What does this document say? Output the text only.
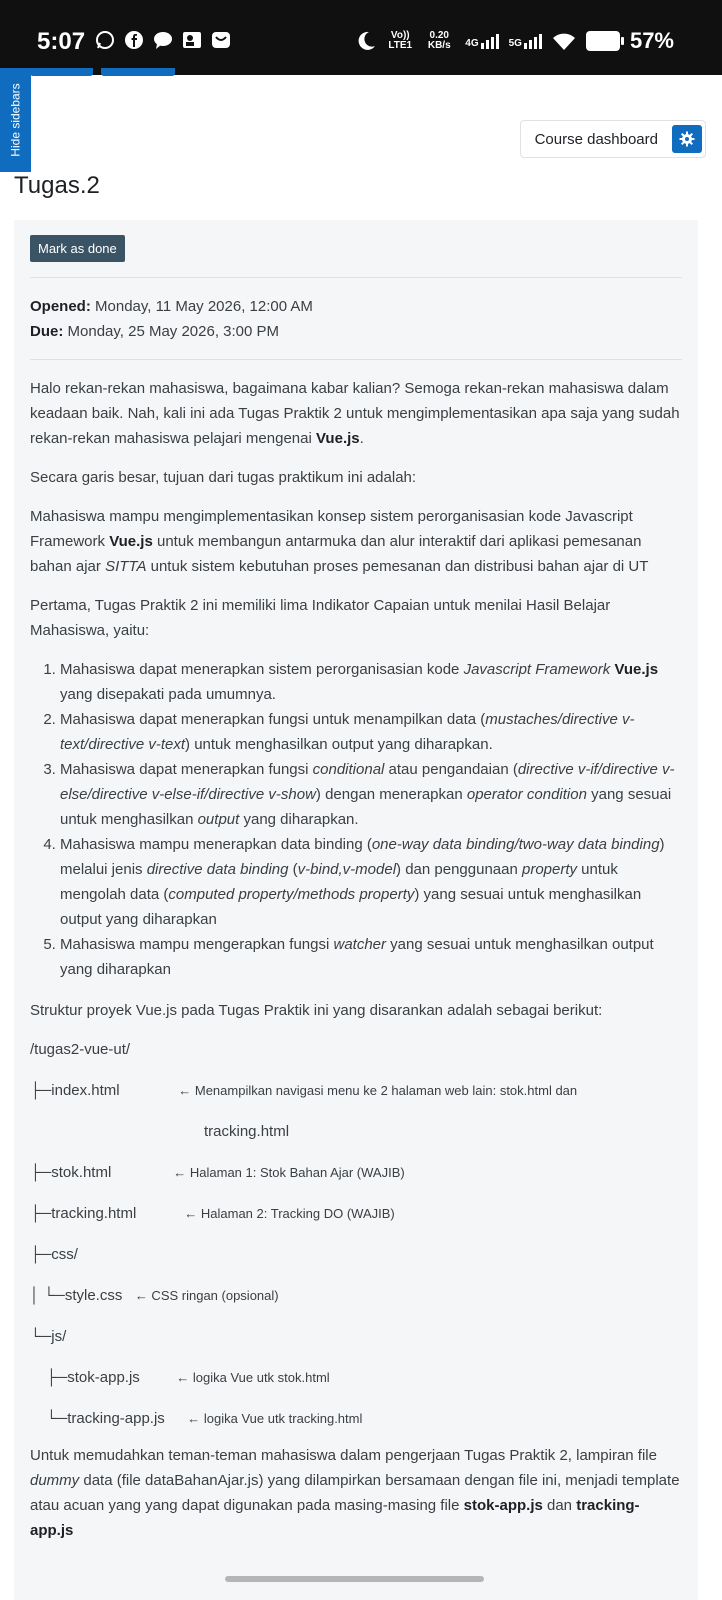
5:07	Vo)) LTE1
0.20 KB/s	4G	5G	57%
Hide sidebars	Course dashboard
Tugas.2
Mark as done
Opened: Monday, 11 May 2026, 12:00 AM
Due: Monday, 25 May 2026, 3:00 PM

Halo rekan-rekan mahasiswa, bagaimana kabar kalian? Semoga rekan-rekan mahasiswa dalam keadaan baik. Nah, kali ini ada Tugas Praktik 2 untuk mengimplementasikan apa saja yang sudah rekan-rekan mahasiswa pelajari mengenai Vue.js.

Secara garis besar, tujuan dari tugas praktikum ini adalah:

Mahasiswa mampu mengimplementasikan konsep sistem perorganisasian kode Javascript Framework Vue.js untuk membangun antarmuka dan alur interaktif dari aplikasi pemesanan bahan ajar SITTA untuk sistem kebutuhan proses pemesanan dan distribusi bahan ajar di UT

Pertama, Tugas Praktik 2 ini memiliki lima Indikator Capaian untuk menilai Hasil Belajar Mahasiswa, yaitu:

1. Mahasiswa dapat menerapkan sistem perorganisasian kode Javascript Framework Vue.js yang disepakati pada umumnya.
2. Mahasiswa dapat menerapkan fungsi untuk menampilkan data (mustaches/directive v-text/directive v-text) untuk menghasilkan output yang diharapkan.
3. Mahasiswa dapat menerapkan fungsi conditional atau pengandaian (directive v-if/directive v-else/directive v-else-if/directive v-show) dengan menerapkan operator condition yang sesuai untuk menghasilkan output yang diharapkan.
4. Mahasiswa mampu menerapkan data binding (one-way data binding/two-way data binding) melalui jenis directive data binding (v-bind,v-model) dan penggunaan property untuk mengolah data (computed property/methods property) yang sesuai untuk menghasilkan output yang diharapkan
5. Mahasiswa mampu mengerapkan fungsi watcher yang sesuai untuk menghasilkan output yang diharapkan

Struktur proyek Vue.js pada Tugas Praktik ini yang disarankan adalah sebagai berikut:

/tugas2-vue-ut/
├─ index.html	← Menampilkan navigasi menu ke 2 halaman web lain: stok.html dan
tracking.html
├─ stok.html	← Halaman 1: Stok Bahan Ajar (WAJIB)
├─ tracking.html	← Halaman 2: Tracking DO (WAJIB)
├─ css/
│ └─ style.css ← CSS ringan (opsional)
└─ js/
├─ stok-app.js	← logika Vue utk stok.html
└─ tracking-app.js	← logika Vue utk tracking.html

Untuk memudahkan teman-teman mahasiswa dalam pengerjaan Tugas Praktik 2, lampiran file dummy data (file dataBahanAjar.js) yang dilampirkan bersamaan dengan file ini, menjadi template atau acuan yang yang dapat digunakan pada masing-masing file stok-app.js dan tracking-app.js
